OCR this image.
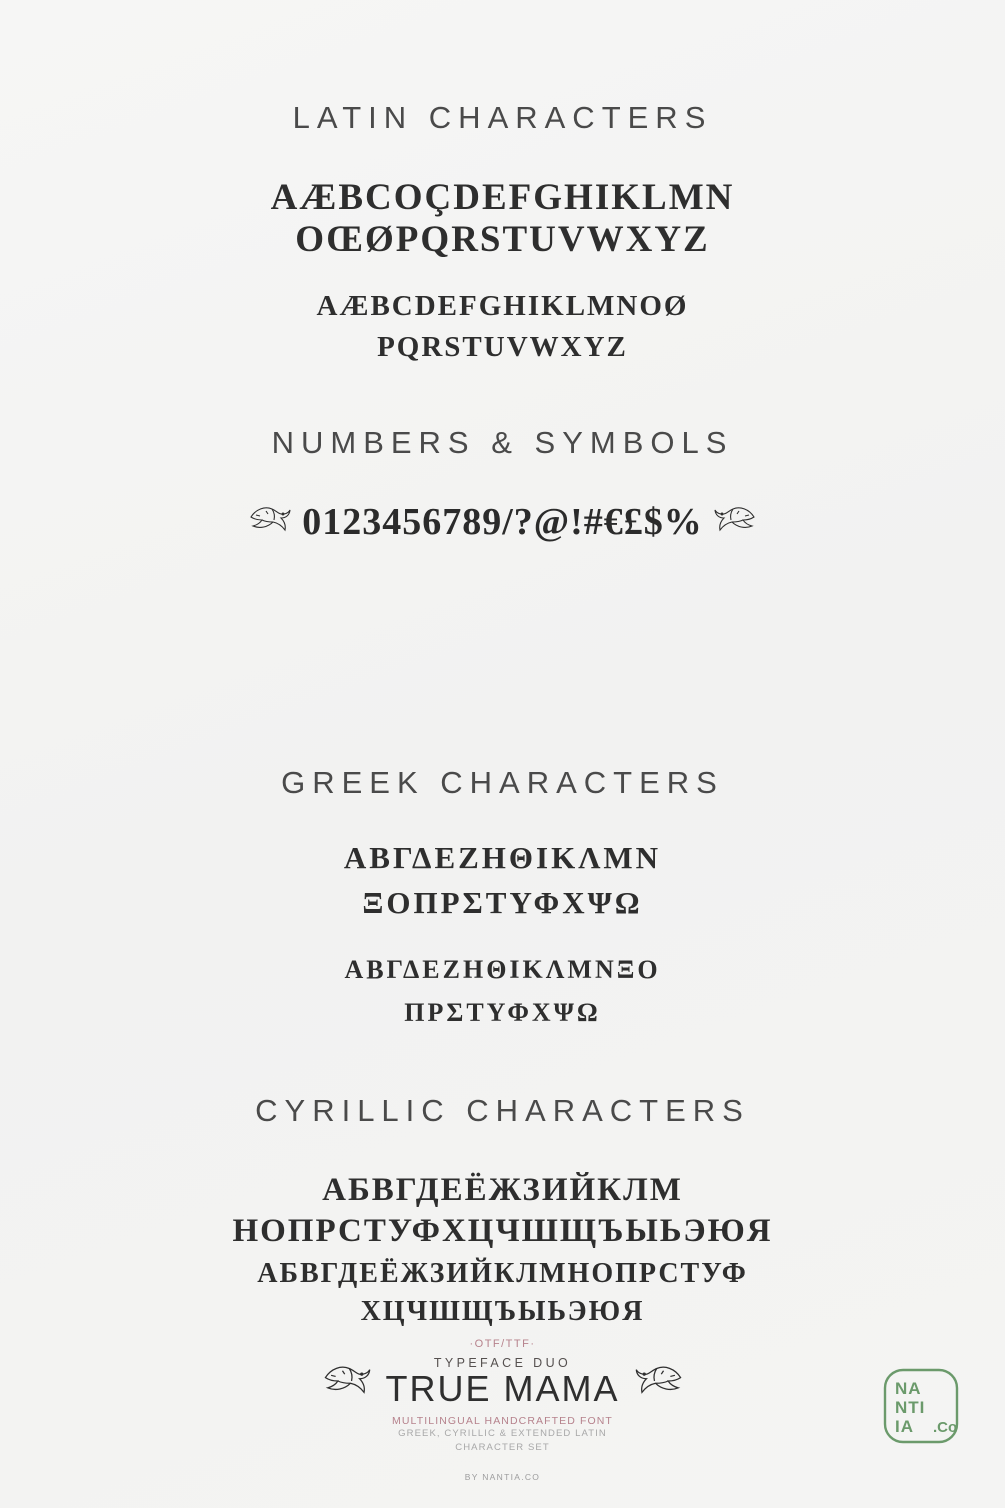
LATIN CHARACTERS
AÆBCOÇDEFGHIKLMN
OŒØPQRSTUVWXYZ
AÆBCDEFGHIKLMNOØ
PQRSTUVWXYZ
NUMBERS & SYMBOLS
0123456789/?@!#€£$%
GREEK CHARACTERS
ΑΒΓΔΕΖΗΘΙΚΛΜΝ
ΞΟΠΡΣΤΥΦΧΨΩ
ΑΒΓΔΕΖΗΘΙΚΛΜΝΞΟ
ΠΡΣΤΥΦΧΨΩ
CYRILLIC CHARACTERS
АБВГДЕЁЖЗИЙКЛМ
НОПРСТУФХЦЧШЩЪЫЬЭЮЯ
АБВГДЕЁЖЗИЙКЛМНОПРСТУФ
ХЦЧШЩЪЫЬЭЮЯ
·OTF/TTF·
TYPEFACE DUO
TRUE MAMA
MULTILINGUAL HANDCRAFTED FONT
GREEK, CYRILLIC & EXTENDED LATIN
CHARACTER SET
BY NANTIA.CO
NA
NTI
IA .Co
